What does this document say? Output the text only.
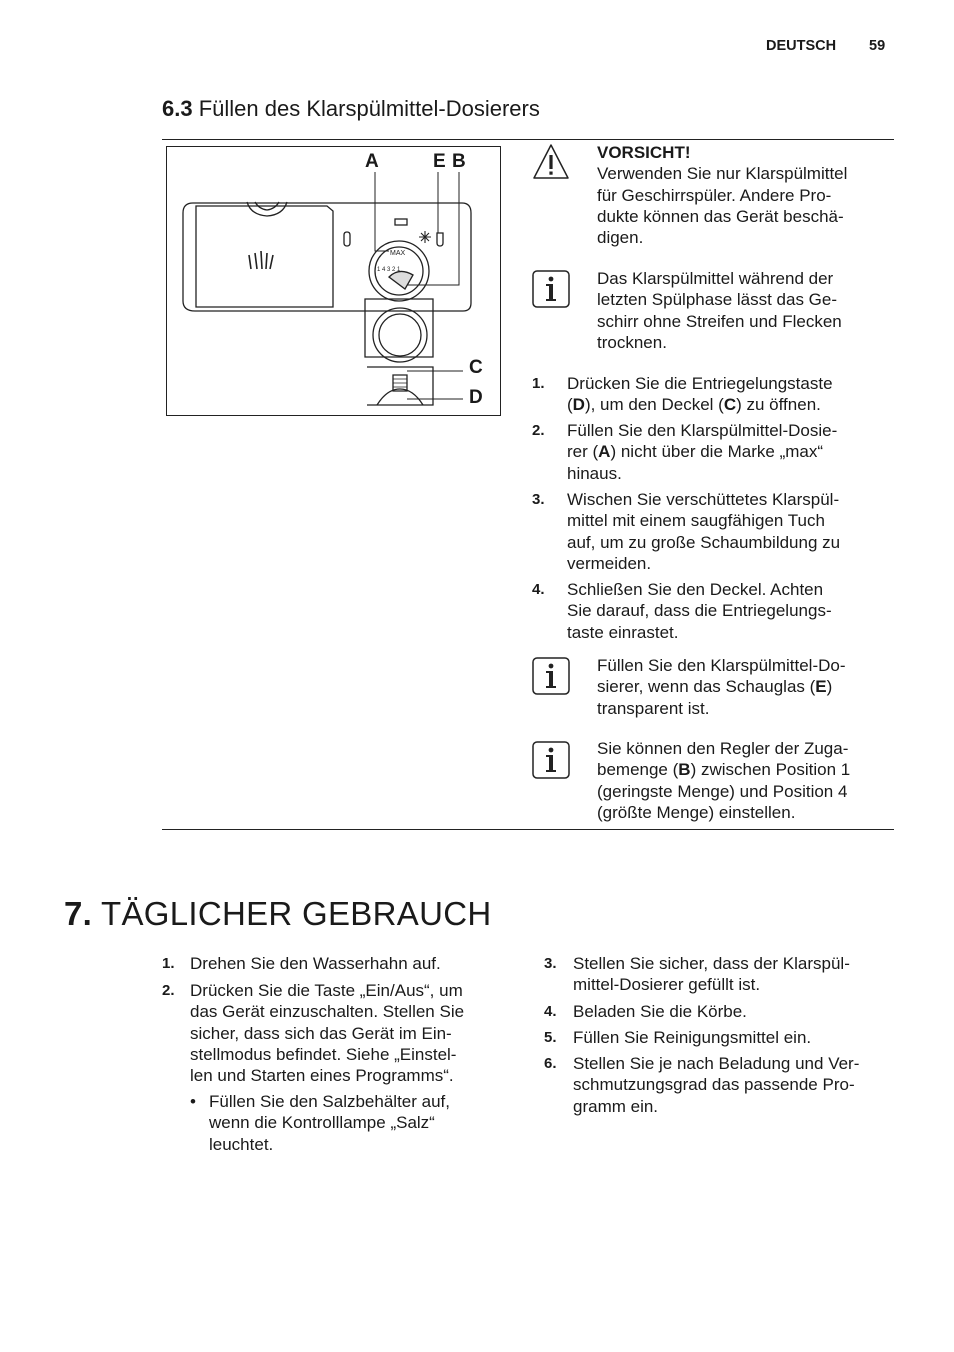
DEUTSCH 59
6.3 Füllen des Klarspülmittel-Dosierers
MAX
1 4 3 2 1
A	E B
C
D
VORSICHT!
Verwenden Sie nur Klarspülmittel
für Geschirrspüler. Andere Pro-
dukte können das Gerät beschä-
digen.
Das Klarspülmittel während der
letzten Spülphase lässt das Ge-
schirr ohne Streifen und Flecken
trocknen.
1. Drücken Sie die Entriegelungstaste
(D), um den Deckel (C) zu öffnen.
2. Füllen Sie den Klarspülmittel-Dosie-
rer (A) nicht über die Marke „max“
hinaus.
3. Wischen Sie verschüttetes Klarspül-
mittel mit einem saugfähigen Tuch
auf, um zu große Schaumbildung zu
vermeiden.
4. Schließen Sie den Deckel. Achten
Sie darauf, dass die Entriegelungs-
taste einrastet.
Füllen Sie den Klarspülmittel-Do-
sierer, wenn das Schauglas (E)
transparent ist.
Sie können den Regler der Zuga-
bemenge (B) zwischen Position 1
(geringste Menge) und Position 4
(größte Menge) einstellen.
7. TÄGLICHER GEBRAUCH
1. Drehen Sie den Wasserhahn auf.
2. Drücken Sie die Taste „Ein/Aus“, um
das Gerät einzuschalten. Stellen Sie
sicher, dass sich das Gerät im Ein-
stellmodus befindet. Siehe „Einstel-
len und Starten eines Programms“.
• Füllen Sie den Salzbehälter auf,
wenn die Kontrolllampe „Salz“
leuchtet.
3. Stellen Sie sicher, dass der Klarspül-
mittel-Dosierer gefüllt ist.
4. Beladen Sie die Körbe.
5. Füllen Sie Reinigungsmittel ein.
6. Stellen Sie je nach Beladung und Ver-
schmutzungsgrad das passende Pro-
gramm ein.
